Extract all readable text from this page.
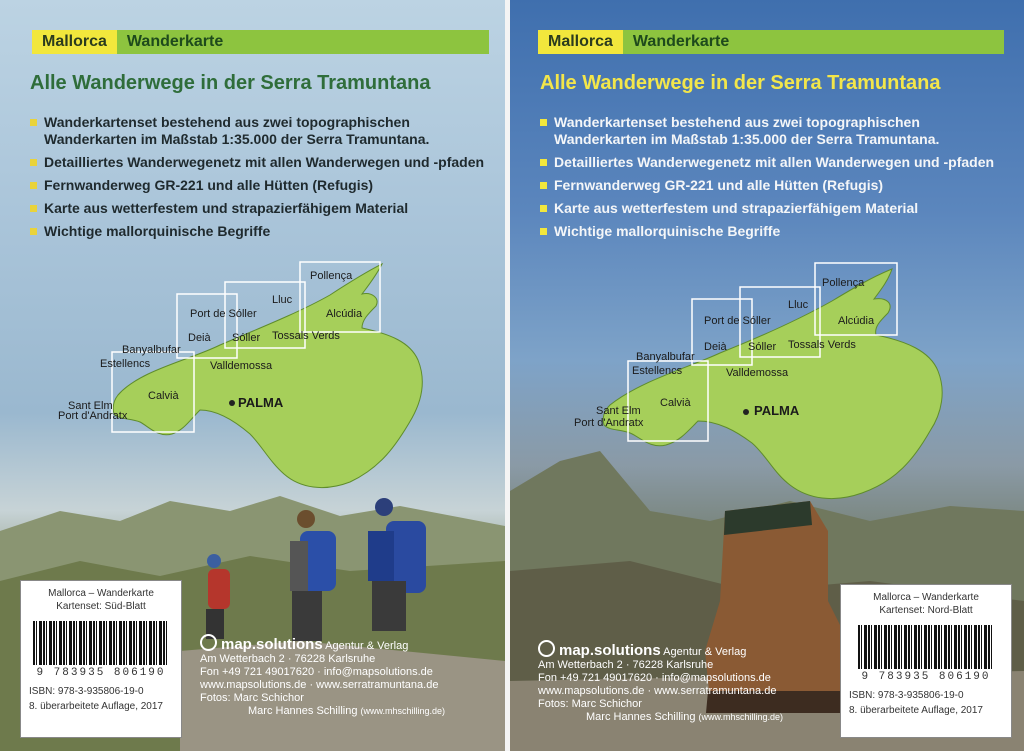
Mallorca	Wanderkarte
Alle Wanderwege in der Serra Tramuntana
Wanderkartenset bestehend aus zwei topographischen Wanderkarten im Maßstab 1:35.000 der Serra Tramuntana.
Detailliertes Wanderwegenetz mit allen Wanderwegen und -pfaden
Fernwanderweg GR-221 und alle Hütten (Refugis)
Karte aus wetterfestem und strapazierfähigem Material
Wichtige mallorquinische Begriffe
Pollença
Lluc
Alcúdia
Port de Sóller
Deià Sóller Tossals Verds
Banyalbufar
Estellencs	Valldemossa
Sant Elm
Port d'Andratx
Calvià	PALMA
Mallorca – Wanderkarte
Kartenset: Süd-Blatt
9 783935 806190
ISBN: 978-3-935806-19-0
8. überarbeitete Auflage, 2017
map.solutions Agentur & Verlag
Am Wetterbach 2 · 76228 Karlsruhe
Fon +49 721 49017620 · info@mapsolutions.de
www.mapsolutions.de · www.serratramuntana.de
Fotos: Marc Schichor
Marc Hannes Schilling (www.mhschilling.de)
Mallorca	Wanderkarte
Alle Wanderwege in der Serra Tramuntana
Wanderkartenset bestehend aus zwei topographischen Wanderkarten im Maßstab 1:35.000 der Serra Tramuntana.
Detailliertes Wanderwegenetz mit allen Wanderwegen und -pfaden
Fernwanderweg GR-221 und alle Hütten (Refugis)
Karte aus wetterfestem und strapazierfähigem Material
Wichtige mallorquinische Begriffe
Pollença
Lluc
Alcúdia
Port de Sóller
Deià Sóller Tossals Verds
Banyalbufar
Estellencs	Valldemossa
Sant Elm
Port d'Andratx
Calvià	PALMA
Mallorca – Wanderkarte
Kartenset: Nord-Blatt
9 783935 806190
ISBN: 978-3-935806-19-0
8. überarbeitete Auflage, 2017
map.solutions Agentur & Verlag
Am Wetterbach 2 · 76228 Karlsruhe
Fon +49 721 49017620 · info@mapsolutions.de
www.mapsolutions.de · www.serratramuntana.de
Fotos: Marc Schichor
Marc Hannes Schilling (www.mhschilling.de)
